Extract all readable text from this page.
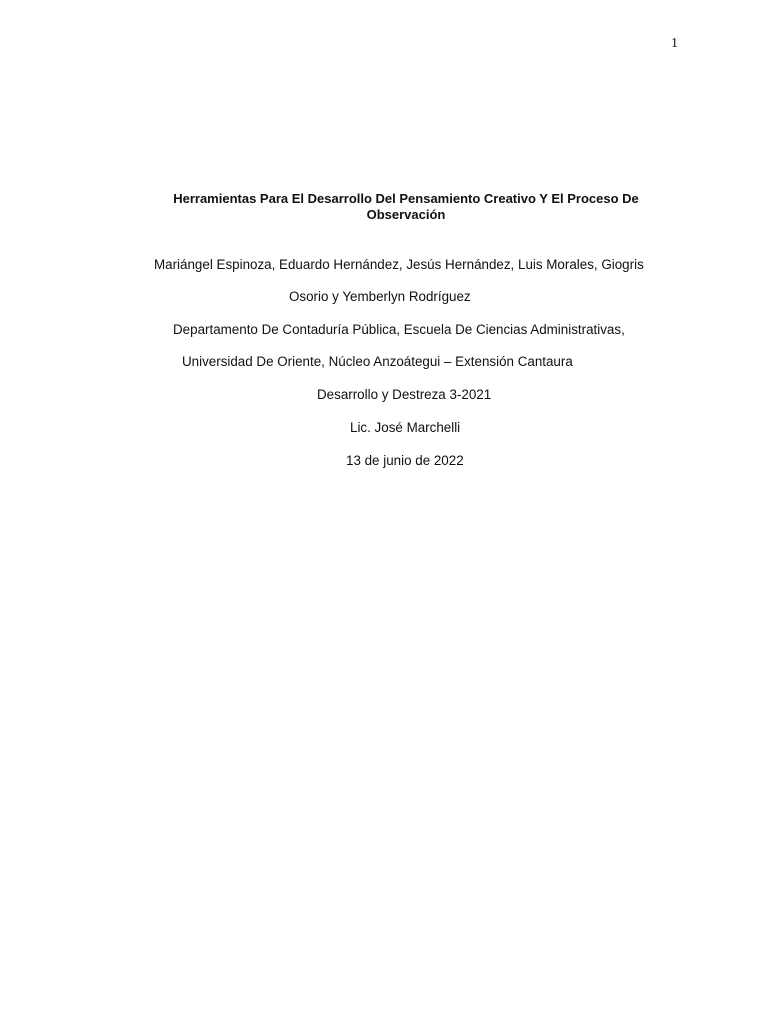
1
Herramientas Para El Desarrollo Del Pensamiento Creativo Y El Proceso De
Observación
Mariángel Espinoza, Eduardo Hernández, Jesús Hernández, Luis Morales, Giogris
Osorio y Yemberlyn Rodríguez
Departamento De Contaduría Pública, Escuela De Ciencias Administrativas,
Universidad De Oriente, Núcleo Anzoátegui – Extensión Cantaura
Desarrollo y Destreza 3-2021
Lic. José Marchelli
13 de junio de 2022
